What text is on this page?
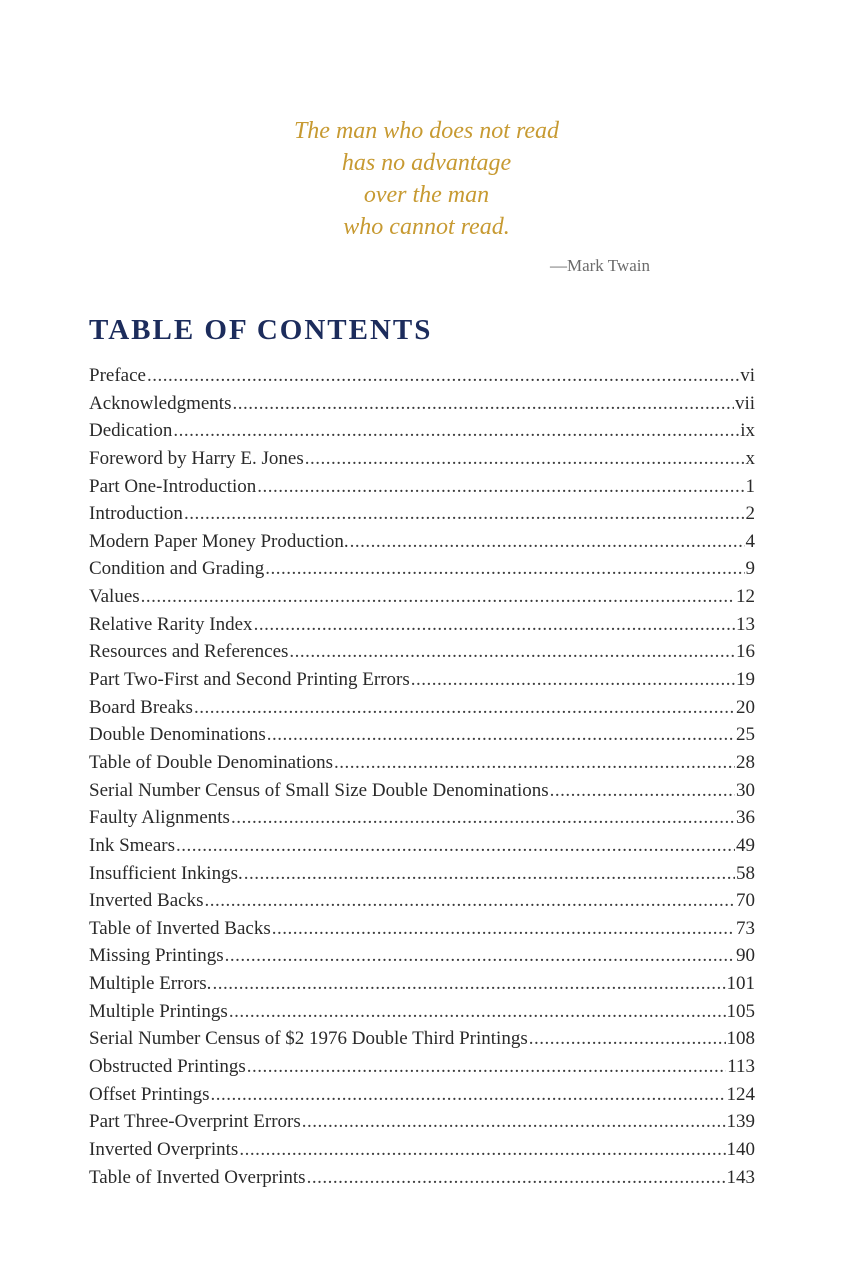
The man who does not read
has no advantage
over the man
who cannot read.
—Mark Twain
TABLE OF CONTENTS
Preface .....	vi
Acknowledgments .....	vii
Dedication .....	ix
Foreword by Harry E. Jones .....	x
Part One-Introduction .....	1
Introduction .....	2
Modern Paper Money Production. .....	4
Condition and Grading .....	9
Values .....	12
Relative Rarity Index .....	13
Resources and References .....	16
Part Two-First and Second Printing Errors .....	19
Board Breaks .....	20
Double Denominations .....	25
Table of Double Denominations .....	28
Serial Number Census of Small Size Double Denominations .....	30
Faulty Alignments .....	36
Ink Smears .....	49
Insufficient Inkings. .....	58
Inverted Backs .....	70
Table of Inverted Backs .....	73
Missing Printings .....	90
Multiple Errors. .....	101
Multiple Printings .....	105
Serial Number Census of $2 1976 Double Third Printings .....	108
Obstructed Printings .....	113
Offset Printings .....	124
Part Three-Overprint Errors .....	139
Inverted Overprints .....	140
Table of Inverted Overprints .....	143
